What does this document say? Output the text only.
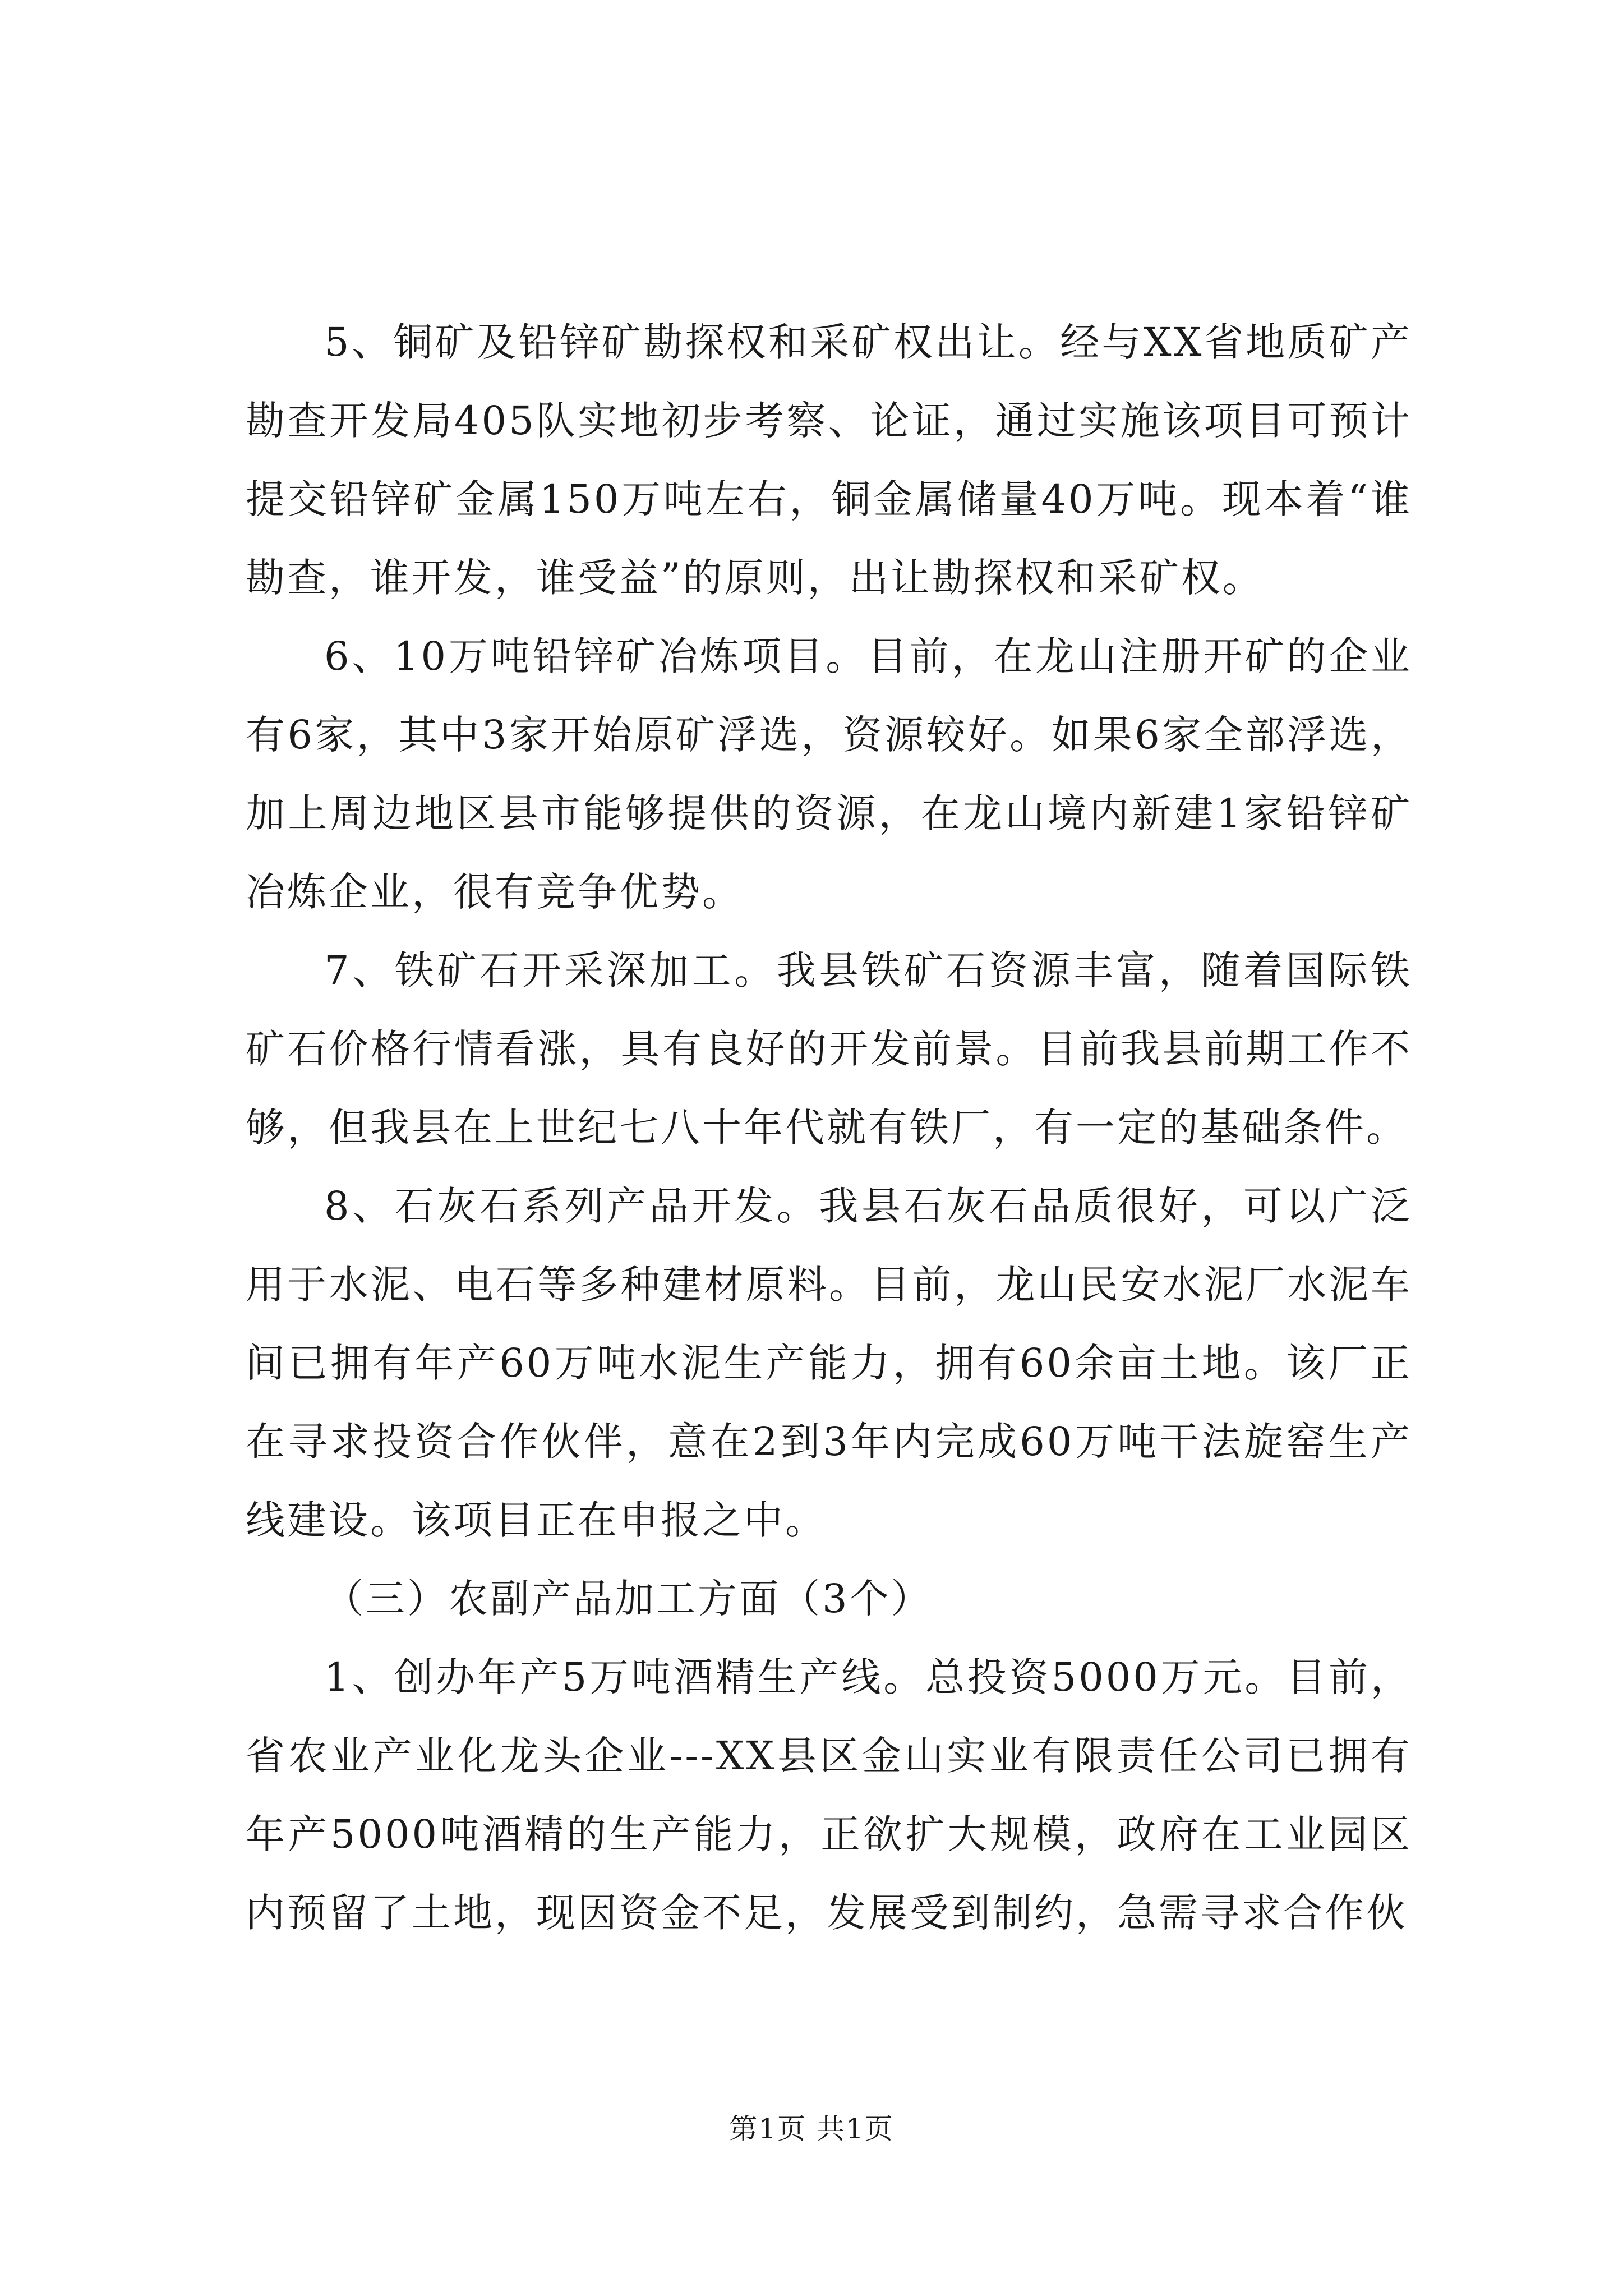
5、铜矿及铅锌矿勘探权和采矿权出让。经与XX省地质矿产勘查开发局405队实地初步考察、论证，通过实施该项目可预计提交铅锌矿金属150万吨左右，铜金属储量40万吨。现本着“谁勘查，谁开发，谁受益”的原则，出让勘探权和采矿权。

6、10万吨铅锌矿冶炼项目。目前，在龙山注册开矿的企业有6家，其中3家开始原矿浮选，资源较好。如果6家全部浮选，加上周边地区县市能够提供的资源，在龙山境内新建1家铅锌矿冶炼企业，很有竞争优势。

7、铁矿石开采深加工。我县铁矿石资源丰富，随着国际铁矿石价格行情看涨，具有良好的开发前景。目前我县前期工作不够，但我县在上世纪七八十年代就有铁厂，有一定的基础条件。

8、石灰石系列产品开发。我县石灰石品质很好，可以广泛用于水泥、电石等多种建材原料。目前，龙山民安水泥厂水泥车间已拥有年产60万吨水泥生产能力，拥有60余亩土地。该厂正在寻求投资合作伙伴，意在2到3年内完成60万吨干法旋窑生产线建设。该项目正在申报之中。

（三）农副产品加工方面（3个）

1、创办年产5万吨酒精生产线。总投资5000万元。目前，省农业产业化龙头企业---XX县区金山实业有限责任公司已拥有年产5000吨酒精的生产能力，正欲扩大规模，政府在工业园区内预留了土地，现因资金不足，发展受到制约，急需寻求合作伙

第1页 共1页
